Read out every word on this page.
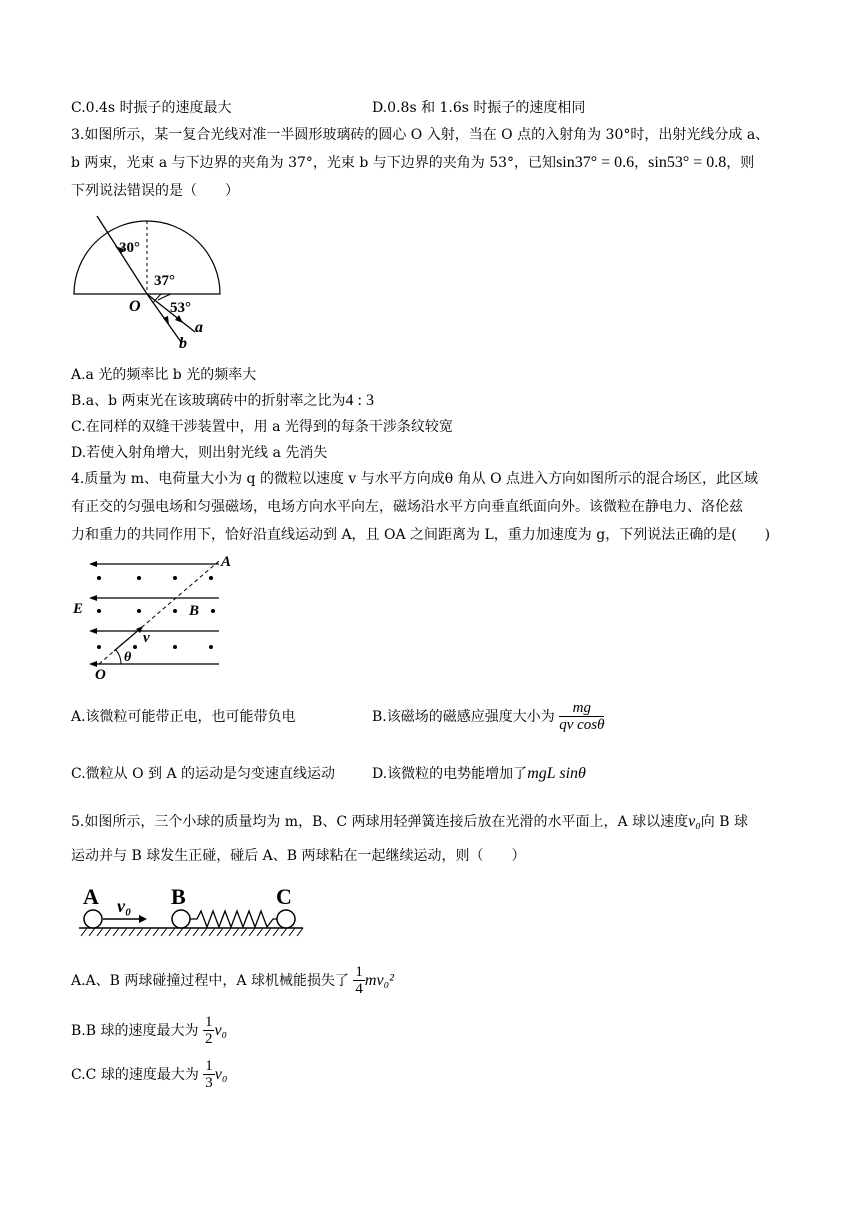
C.0.4s 时振子的速度最大	D.0.8s 和 1.6s 时振子的速度相同
3.如图所示，某一复合光线对准一半圆形玻璃砖的圆心 O 入射，当在 O 点的入射角为 30°时，出射光线分成 a、
b 两束，光束 a 与下边界的夹角为 37°，光束 b 与下边界的夹角为 53°，已知sin37° = 0.6，sin53° = 0.8，则
下列说法错误的是（　　）
30°
37°
53°
O
a
b
A.a 光的频率比 b 光的频率大
B.a、b 两束光在该玻璃砖中的折射率之比为4 : 3
C.在同样的双缝干涉装置中，用 a 光得到的每条干涉条纹较宽
D.若使入射角增大，则出射光线 a 先消失
4.质量为 m、电荷量大小为 q 的微粒以速度 v 与水平方向成θ 角从 O 点进入方向如图所示的混合场区，此区域
有正交的匀强电场和匀强磁场，电场方向水平向左，磁场沿水平方向垂直纸面向外。该微粒在静电力、洛伦兹
力和重力的共同作用下，恰好沿直线运动到 A，且 OA 之间距离为 L，重力加速度为 g，下列说法正确的是(　　)
A
E	B
v
θ
O
A.该微粒可能带正电，也可能带负电	B.该磁场的磁感应强度大小为 $\frac{mg}{\text{qv cosθ}}$
C.微粒从 O 到 A 的运动是匀变速直线运动	D.该微粒的电势能增加了mgL sinθ
5.如图所示，三个小球的质量均为 m，B、C 两球用轻弹簧连接后放在光滑的水平面上，A 球以速度v₀向 B 球
运动并与 B 球发生正碰，碰后 A、B 两球粘在一起继续运动，则（　　）
A	B	C
v₀
A.A、B 两球碰撞过程中，A 球机械能损失了 $\frac{1}{4} mv_0^2$
B.B 球的速度最大为 $\frac{1}{2} v_0$
C.C 球的速度最大为 $\frac{1}{3} v_0$
